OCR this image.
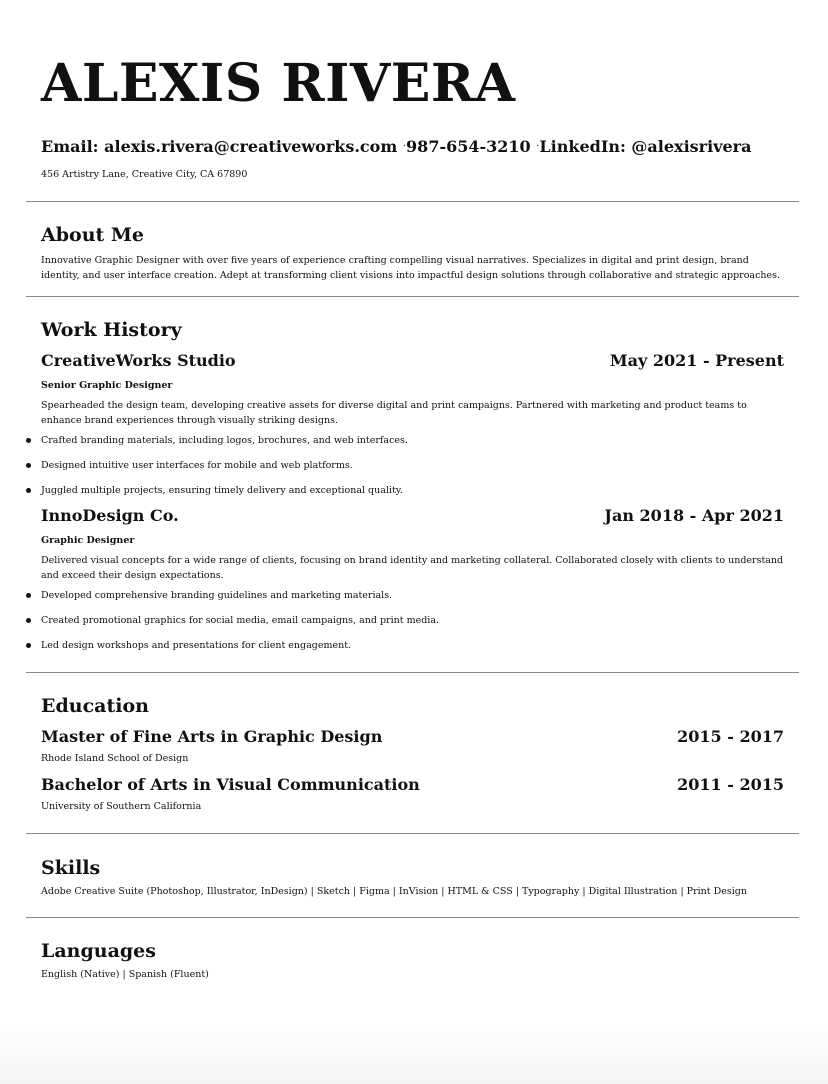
ALEXIS RIVERA
Email: alexis.rivera@creativeworks.com ·987-654-3210 ·LinkedIn: @alexisrivera
456 Artistry Lane, Creative City, CA 67890
About Me
Innovative Graphic Designer with over five years of experience crafting compelling visual narratives. Specializes in digital and print design, brand identity, and user interface creation. Adept at transforming client visions into impactful design solutions through collaborative and strategic approaches.
Work History
CreativeWorks Studio	May 2021 - Present
Senior Graphic Designer
Spearheaded the design team, developing creative assets for diverse digital and print campaigns. Partnered with marketing and product teams to enhance brand experiences through visually striking designs.
Crafted branding materials, including logos, brochures, and web interfaces.
Designed intuitive user interfaces for mobile and web platforms.
Juggled multiple projects, ensuring timely delivery and exceptional quality.
InnoDesign Co.	Jan 2018 - Apr 2021
Graphic Designer
Delivered visual concepts for a wide range of clients, focusing on brand identity and marketing collateral. Collaborated closely with clients to understand and exceed their design expectations.
Developed comprehensive branding guidelines and marketing materials.
Created promotional graphics for social media, email campaigns, and print media.
Led design workshops and presentations for client engagement.
Education
Master of Fine Arts in Graphic Design	2015 - 2017
Rhode Island School of Design
Bachelor of Arts in Visual Communication	2011 - 2015
University of Southern California
Skills
Adobe Creative Suite (Photoshop, Illustrator, InDesign) | Sketch | Figma | InVision | HTML & CSS | Typography | Digital Illustration | Print Design
Languages
English (Native) | Spanish (Fluent)
